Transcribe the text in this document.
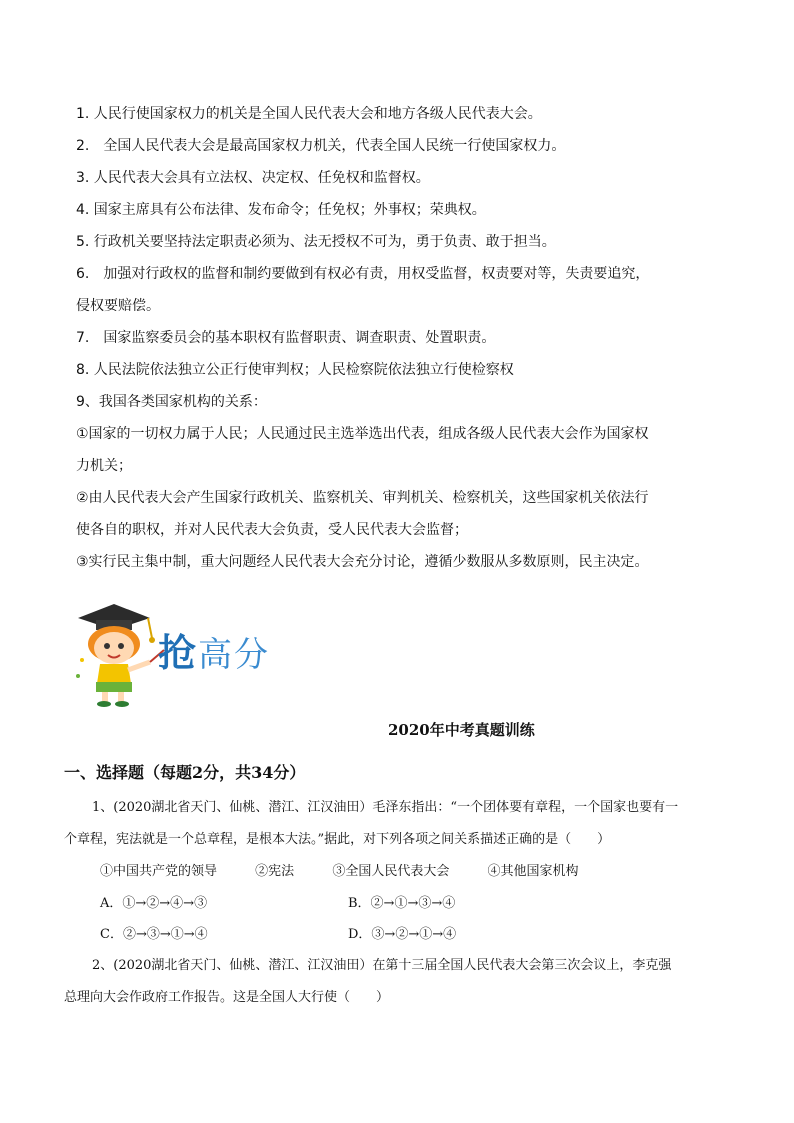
1. 人民行使国家权力的机关是全国人民代表大会和地方各级人民代表大会。
2.　全国人民代表大会是最高国家权力机关，代表全国人民统一行使国家权力。
3. 人民代表大会具有立法权、决定权、任免权和监督权。
4. 国家主席具有公布法律、发布命令；任免权；外事权；荣典权。
5. 行政机关要坚持法定职责必须为、法无授权不可为，勇于负责、敢于担当。
6.　加强对行政权的监督和制约要做到有权必有责，用权受监督，权责要对等，失责要追究，
侵权要赔偿。
7.　国家监察委员会的基本职权有监督职责、调查职责、处置职责。
8. 人民法院依法独立公正行使审判权；人民检察院依法独立行使检察权
9、我国各类国家机构的关系：
①国家的一切权力属于人民；人民通过民主选举选出代表，组成各级人民代表大会作为国家权
力机关；
②由人民代表大会产生国家行政机关、监察机关、审判机关、检察机关，这些国家机关依法行
使各自的职权，并对人民代表大会负责，受人民代表大会监督；
③实行民主集中制，重大问题经人民代表大会充分讨论，遵循少数服从多数原则，民主决定。
抢高分
2020年中考真题训练
一、选择题（每题2分，共34分）
1、(2020湖北省天门、仙桃、潜江、江汉油田）毛泽东指出：“一个团体要有章程，一个国家也要有一
个章程，宪法就是一个总章程，是根本大法。”据此，对下列各项之间关系描述正确的是（　　）
①中国共产党的领导	②宪法	③全国人民代表大会	④其他国家机构
A．①→②→④→③	B．②→①→③→④
C．②→③→①→④	D．③→②→①→④
2、(2020湖北省天门、仙桃、潜江、江汉油田）在第十三届全国人民代表大会第三次会议上，李克强
总理向大会作政府工作报告。这是全国人大行使（　　）
